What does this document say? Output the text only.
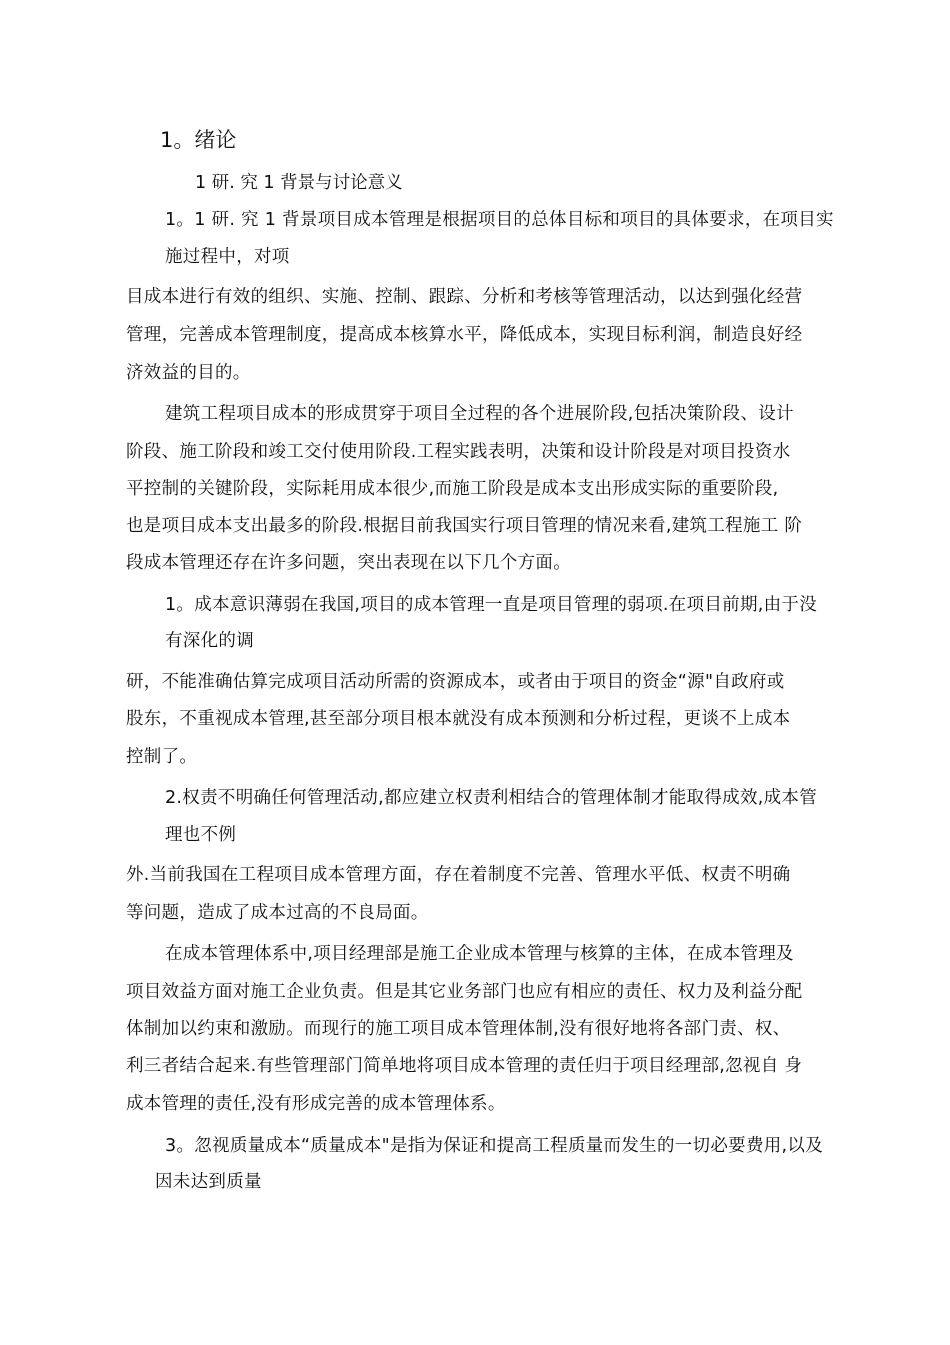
1。绪论
1 研. 究 1 背景与讨论意义
1。1 研. 究 1 背景项目成本管理是根据项目的总体目标和项目的具体要求，在项目实
施过程中，对项
目成本进行有效的组织、实施、控制、跟踪、分析和考核等管理活动，以达到强化经营
管理，完善成本管理制度，提高成本核算水平，降低成本，实现目标利润，制造良好经
济效益的目的。
建筑工程项目成本的形成贯穿于项目全过程的各个进展阶段,包括决策阶段、设计
阶段、施工阶段和竣工交付使用阶段.工程实践表明，决策和设计阶段是对项目投资水
平控制的关键阶段，实际耗用成本很少,而施工阶段是成本支出形成实际的重要阶段,
也是项目成本支出最多的阶段.根据目前我国实行项目管理的情况来看,建筑工程施工 阶
段成本管理还存在许多问题，突出表现在以下几个方面。
1。成本意识薄弱在我国,项目的成本管理一直是项目管理的弱项.在项目前期,由于没
有深化的调
研，不能准确估算完成项目活动所需的资源成本，或者由于项目的资金“源"自政府或
股东，不重视成本管理,甚至部分项目根本就没有成本预测和分析过程，更谈不上成本
控制了。
2.权责不明确任何管理活动,都应建立权责利相结合的管理体制才能取得成效,成本管
理也不例
外.当前我国在工程项目成本管理方面，存在着制度不完善、管理水平低、权责不明确
等问题，造成了成本过高的不良局面。
在成本管理体系中,项目经理部是施工企业成本管理与核算的主体，在成本管理及
项目效益方面对施工企业负责。但是其它业务部门也应有相应的责任、权力及利益分配
体制加以约束和激励。而现行的施工项目成本管理体制,没有很好地将各部门责、权、
利三者结合起来.有些管理部门简单地将项目成本管理的责任归于项目经理部,忽视自 身
成本管理的责任,没有形成完善的成本管理体系。
3。忽视质量成本“质量成本"是指为保证和提高工程质量而发生的一切必要费用,以及
因未达到质量
